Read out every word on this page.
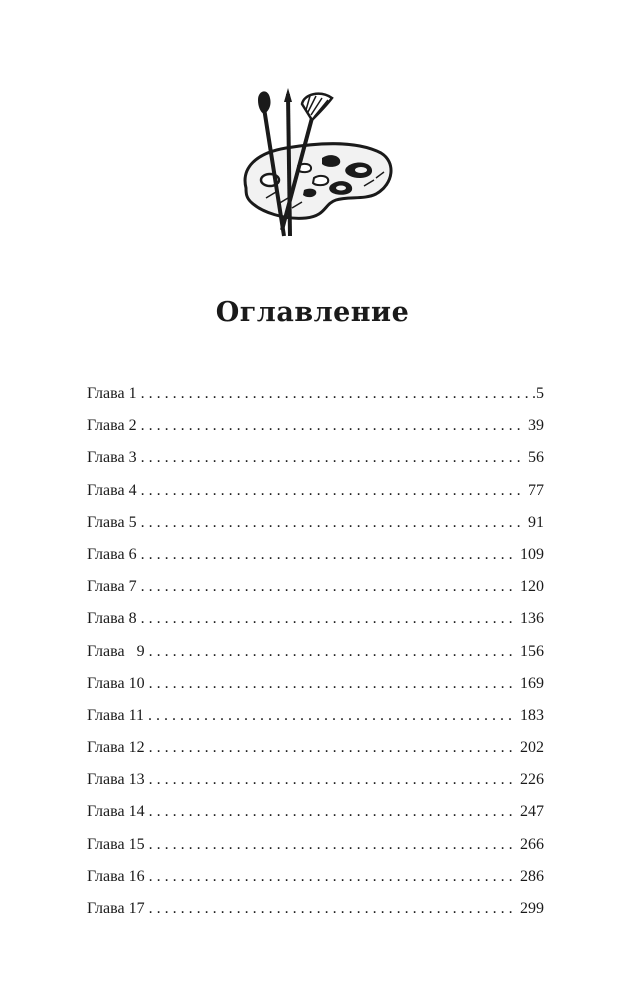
Оглавление
Глава 1 . . .	.5
Глава 2 . . .	39
Глава 3 . . .	56
Глава 4 . . .	77
Глава 5 . . .	91
Глава 6 . . .	109
Глава 7 . . .	120
Глава 8 . . .	136
Глава   9 . . .	156
Глава 10 . . .	169
Глава 11 . . .	183
Глава 12 . . .	202
Глава 13 . . .	226
Глава 14 . . .	247
Глава 15 . . .	266
Глава 16 . . .	286
Глава 17 . . .	299
